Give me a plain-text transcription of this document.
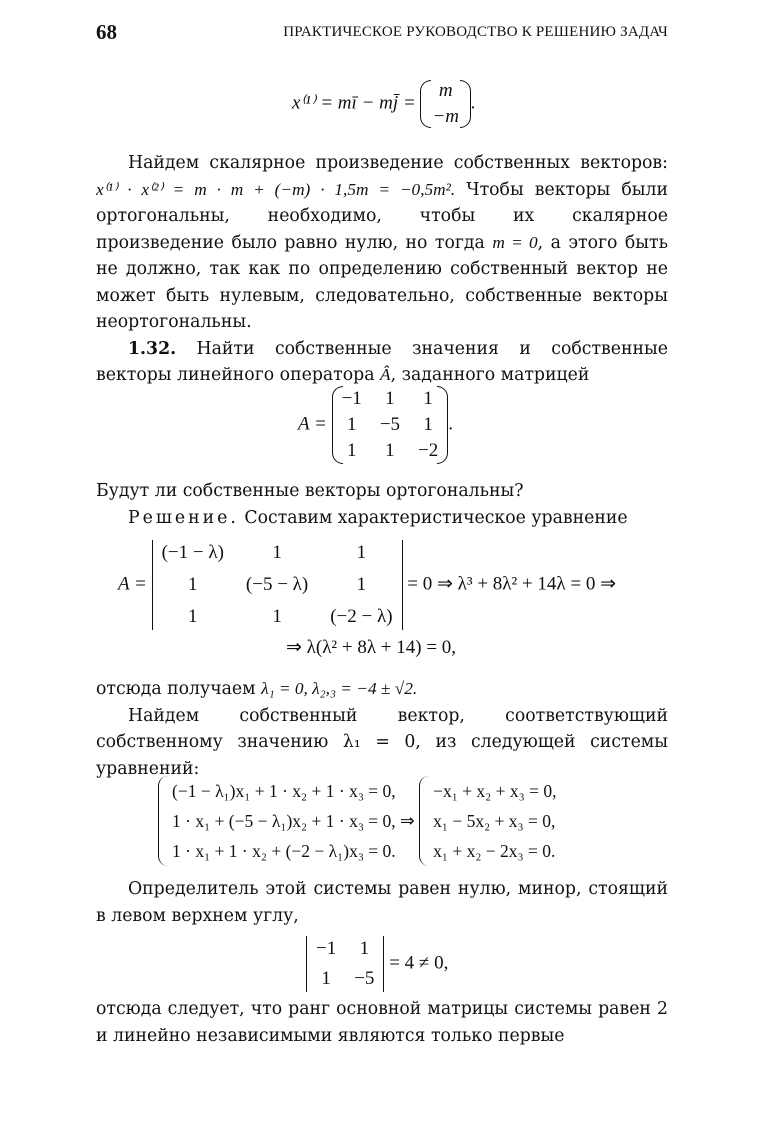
68	ПРАКТИЧЕСКОЕ РУКОВОДСТВО К РЕШЕНИЮ ЗАДАЧ
x⁽¹⁾ = mī − mj̄ =
m
−m
.

Найдем скалярное произведение собственных векторов: x⁽¹⁾ · x⁽²⁾ = m · m + (−m) · 1,5m = −0,5m². Чтобы векторы были ортогональны, необходимо, чтобы их скалярное произведение было равно нулю, но тогда m = 0, а этого быть не должно, так как по определению собственный вектор не может быть нулевым, следовательно, собственные векторы неортогональны.

1.32. Найти собственные значения и собственные векторы линейного оператора Â, заданного матрицей

A =
−1 1 1
1 −5 1
1 1 −2
.

Будут ли собственные векторы ортогональны?

Решение. Составим характеристическое уравнение

A =
(−1 − λ)	1	1
1	(−5 − λ)	1
1	1	(−2 − λ)
= 0 ⇒ λ³ + 8λ² + 14λ = 0 ⇒
⇒ λ(λ² + 8λ + 14) = 0,

отсюда получаем λ₁ = 0, λ₂,₃ = −4 ± √2.

Найдем собственный вектор, соответствующий собственному значению λ₁ = 0, из следующей системы уравнений:

(−1 − λ₁)x₁ + 1 · x₂ + 1 · x₃ = 0,
1 · x₁ + (−5 − λ₁)x₂ + 1 · x₃ = 0,
1 · x₁ + 1 · x₂ + (−2 − λ₁)x₃ = 0.
⇒
−x₁ + x₂ + x₃ = 0,
x₁ − 5x₂ + x₃ = 0,
x₁ + x₂ − 2x₃ = 0.

Определитель этой системы равен нулю, минор, стоящий в левом верхнем углу,

−1 1
1 −5
= 4 ≠ 0,

отсюда следует, что ранг основной матрицы системы равен 2 и линейно независимыми являются только первые
